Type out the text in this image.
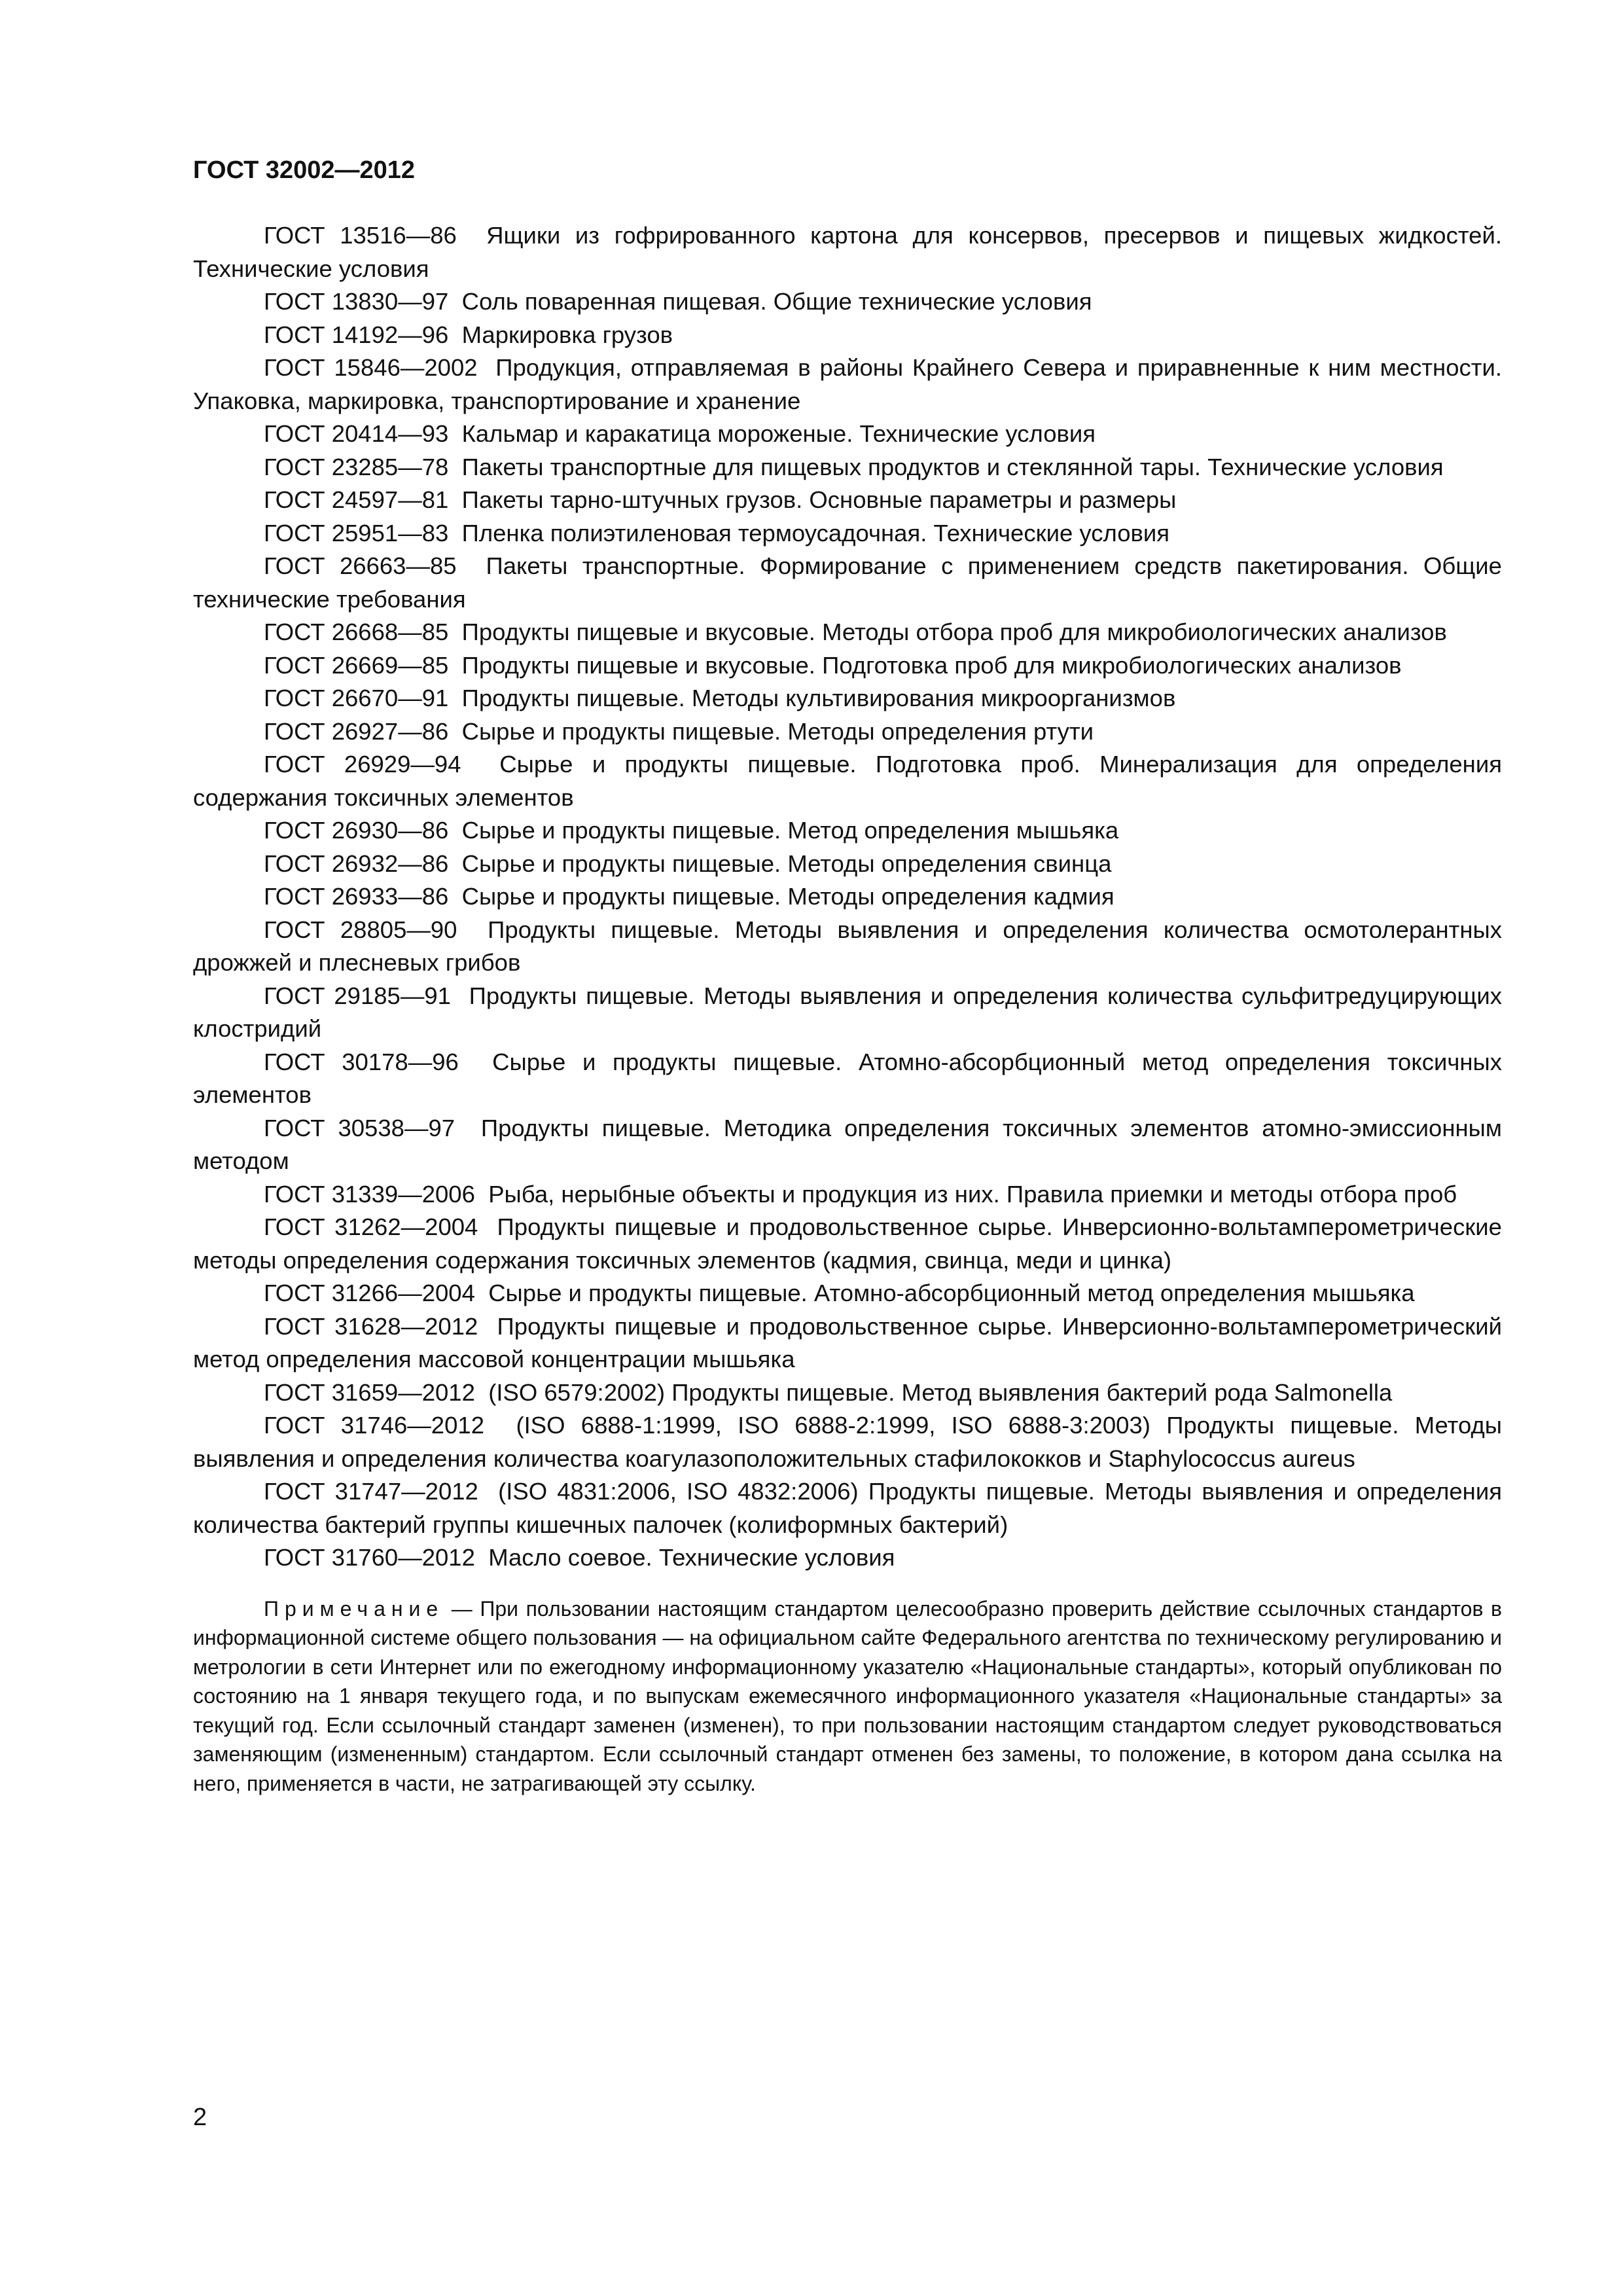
ГОСТ 32002—2012

ГОСТ 13516—86 Ящики из гофрированного картона для консервов, пресервов и пищевых жидкостей. Технические условия

ГОСТ 13830—97 Соль поваренная пищевая. Общие технические условия

ГОСТ 14192—96 Маркировка грузов

ГОСТ 15846—2002 Продукция, отправляемая в районы Крайнего Севера и приравненные к ним местности. Упаковка, маркировка, транспортирование и хранение

ГОСТ 20414—93 Кальмар и каракатица мороженые. Технические условия

ГОСТ 23285—78 Пакеты транспортные для пищевых продуктов и стеклянной тары. Технические условия

ГОСТ 24597—81 Пакеты тарно-штучных грузов. Основные параметры и размеры

ГОСТ 25951—83 Пленка полиэтиленовая термоусадочная. Технические условия

ГОСТ 26663—85 Пакеты транспортные. Формирование с применением средств пакетирования. Общие технические требования

ГОСТ 26668—85 Продукты пищевые и вкусовые. Методы отбора проб для микробиологических анализов

ГОСТ 26669—85 Продукты пищевые и вкусовые. Подготовка проб для микробиологических анализов

ГОСТ 26670—91 Продукты пищевые. Методы культивирования микроорганизмов

ГОСТ 26927—86 Сырье и продукты пищевые. Методы определения ртути

ГОСТ 26929—94 Сырье и продукты пищевые. Подготовка проб. Минерализация для определения содержания токсичных элементов

ГОСТ 26930—86 Сырье и продукты пищевые. Метод определения мышьяка

ГОСТ 26932—86 Сырье и продукты пищевые. Методы определения свинца

ГОСТ 26933—86 Сырье и продукты пищевые. Методы определения кадмия

ГОСТ 28805—90 Продукты пищевые. Методы выявления и определения количества осмотолерантных дрожжей и плесневых грибов

ГОСТ 29185—91 Продукты пищевые. Методы выявления и определения количества сульфитредуцирующих клостридий

ГОСТ 30178—96 Сырье и продукты пищевые. Атомно-абсорбционный метод определения токсичных элементов

ГОСТ 30538—97 Продукты пищевые. Методика определения токсичных элементов атомно-эмиссионным методом

ГОСТ 31339—2006 Рыба, нерыбные объекты и продукция из них. Правила приемки и методы отбора проб

ГОСТ 31262—2004 Продукты пищевые и продовольственное сырье. Инверсионно-вольтамперометрические методы определения содержания токсичных элементов (кадмия, свинца, меди и цинка)

ГОСТ 31266—2004 Сырье и продукты пищевые. Атомно-абсорбционный метод определения мышьяка

ГОСТ 31628—2012 Продукты пищевые и продовольственное сырье. Инверсионно-вольтамперометрический метод определения массовой концентрации мышьяка

ГОСТ 31659—2012 (ISO 6579:2002) Продукты пищевые. Метод выявления бактерий рода Salmonella

ГОСТ 31746—2012 (ISO 6888-1:1999, ISO 6888-2:1999, ISO 6888-3:2003) Продукты пищевые. Методы выявления и определения количества коагулазоположительных стафилококков и Staphylococcus aureus

ГОСТ 31747—2012 (ISO 4831:2006, ISO 4832:2006) Продукты пищевые. Методы выявления и определения количества бактерий группы кишечных палочек (колиформных бактерий)

ГОСТ 31760—2012 Масло соевое. Технические условия

Примечание — При пользовании настоящим стандартом целесообразно проверить действие ссылочных стандартов в информационной системе общего пользования — на официальном сайте Федерального агентства по техническому регулированию и метрологии в сети Интернет или по ежегодному информационному указателю «Национальные стандарты», который опубликован по состоянию на 1 января текущего года, и по выпускам ежемесячного информационного указателя «Национальные стандарты» за текущий год. Если ссылочный стандарт заменен (изменен), то при пользовании настоящим стандартом следует руководствоваться заменяющим (измененным) стандартом. Если ссылочный стандарт отменен без замены, то положение, в котором дана ссылка на него, применяется в части, не затрагивающей эту ссылку.

2
